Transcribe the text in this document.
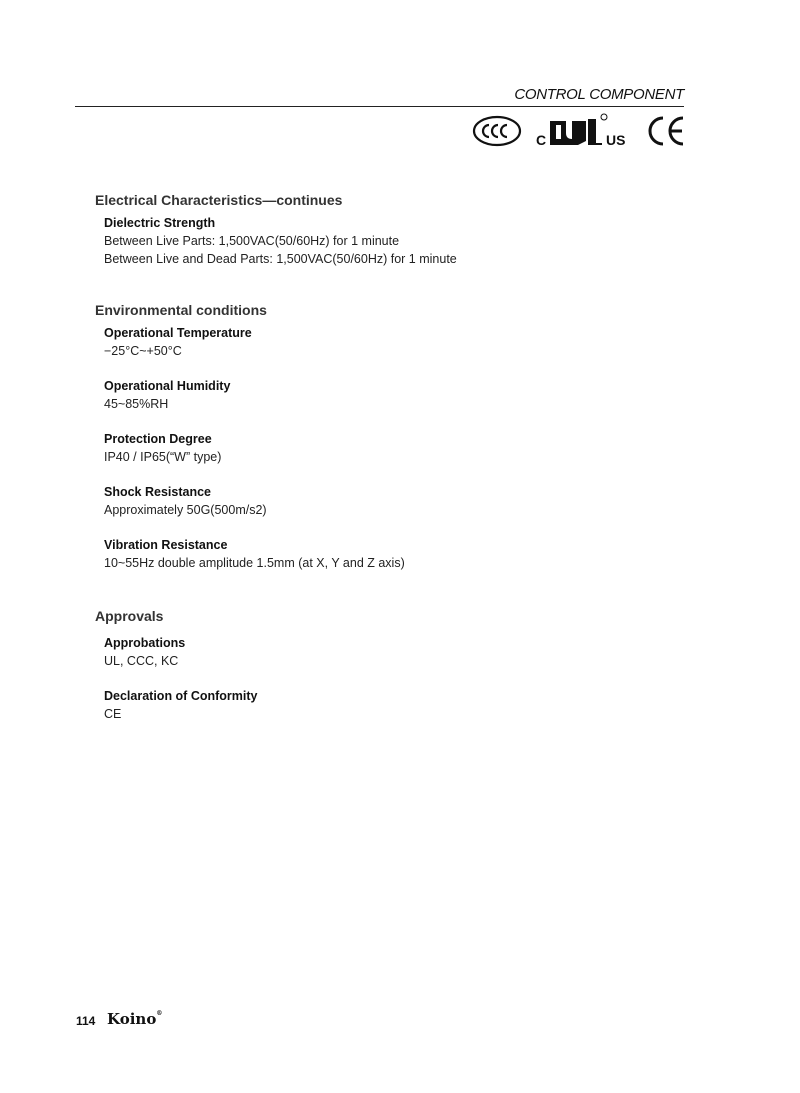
CONTROL COMPONENT
C	US
Electrical Characteristics—continues
Dielectric Strength
Between Live Parts: 1,500VAC(50/60Hz) for 1 minute
Between Live and Dead Parts: 1,500VAC(50/60Hz) for 1 minute
Environmental conditions
Operational Temperature
−25°C~+50°C
Operational Humidity
45~85%RH
Protection Degree
IP40 / IP65(“W” type)
Shock Resistance
Approximately 50G(500m/s2)
Vibration Resistance
10~55Hz double amplitude 1.5mm (at X, Y and Z axis)
Approvals
Approbations
UL, CCC, KC
Declaration of Conformity
CE
114 Koino®
